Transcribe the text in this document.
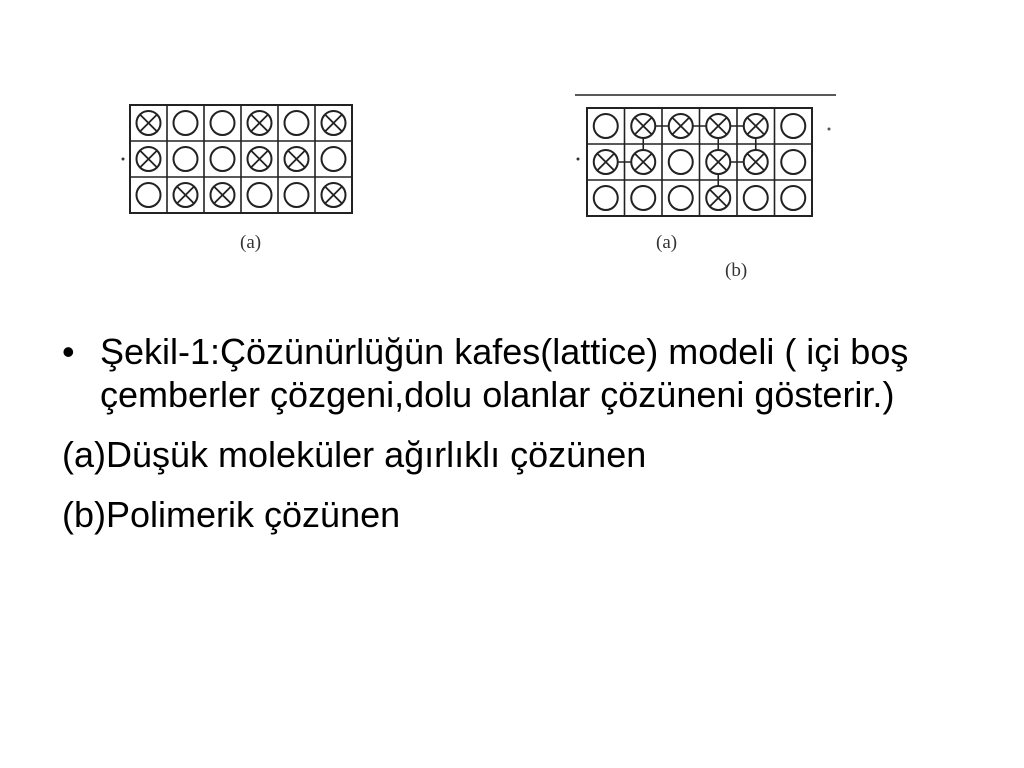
(a)	(a)
(b)
• Şekil-1:Çözünürlüğün kafes(lattice) modeli ( içi boş çemberler çözgeni,dolu olanlar çözüneni gösterir.)
(a)Düşük moleküler ağırlıklı çözünen
(b)Polimerik çözünen
